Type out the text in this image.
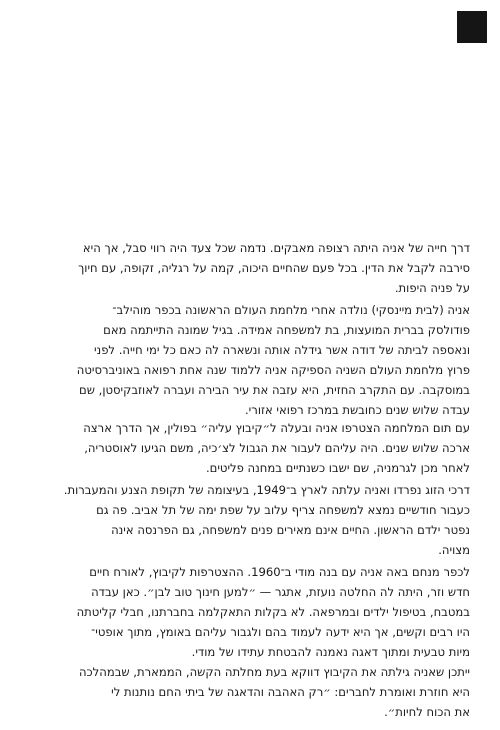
דרך חייה של אניה היתה רצופה מאבקים. נדמה שכל צעד היה רווי סבל, אך היא
סירבה לקבל את הדין. בכל פעם שהחיים היכוה, קמה על רגליה, זקופה, עם חיוך
על פניה היפות.

אניה (לבית מיינסקי) נולדה אחרי מלחמת העולם הראשונה בכפר מוהילב־
פודולסק בברית המועצות, בת למשפחה אמידה. בגיל שמונה התייתמה מאם
ונאספה לביתה של דודה אשר גידלה אותה ונשארה לה כאם כל ימי חייה. לפני
פרוץ מלחמת העולם השניה הספיקה אניה ללמוד שנה אחת רפואה באוניברסיטה
במוסקבה. עם התקרב החזית, היא עזבה את עיר הבירה ועברה לאוזבקיסטן, שם
עבדה שלוש שנים כחובשת במרכז רפואי אזורי.

עם תום המלחמה הצטרפו אניה ובעלה ל״קיבוץ עליה״ בפולין, אך הדרך ארצה
ארכה שלוש שנים. היה עליהם לעבור את הגבול לצ׳כיה, משם הגיעו לאוסטריה,
לאחר מכן לגרמניה, שם ישבו כשנתיים במחנה פליטים.

דרכי הזוג נפרדו ואניה עלתה לארץ ב־1949, בעיצומה של תקופת הצנע והמעברות.
כעבור חודשיים נמצא למשפחה צריף עלוב על שפת ימה של תל אביב. פה גם
נפטר ילדם הראשון. החיים אינם מאירים פנים למשפחה, גם הפרנסה אינה
מצויה.

לכפר מנחם באה אניה עם בנה מודי ב־1960. ההצטרפות לקיבוץ, לאורח חיים
חדש וזר, היתה לה החלטה נועזת, אתגר — ״למען חינוך טוב לבן״. כאן עבדה
במטבח, בטיפול ילדים ובמרפאה. לא בקלות התאקלמה בחברתנו, חבלי קליטתה
היו רבים וקשים, אך היא ידעה לעמוד בהם ולגבור עליהם באומץ, מתוך אופטי־
מיות טבעית ומתוך דאגה נאמנה להבטחת עתידו של מודי.

ייתכן שאניה גילתה את הקיבוץ דווקא בעת מחלתה הקשה, הממארת, שבמהלכה
היא חוזרת ואומרת לחברים: ״רק האהבה והדאגה של ביתי החם נותנות לי
את הכוח לחיות״.
